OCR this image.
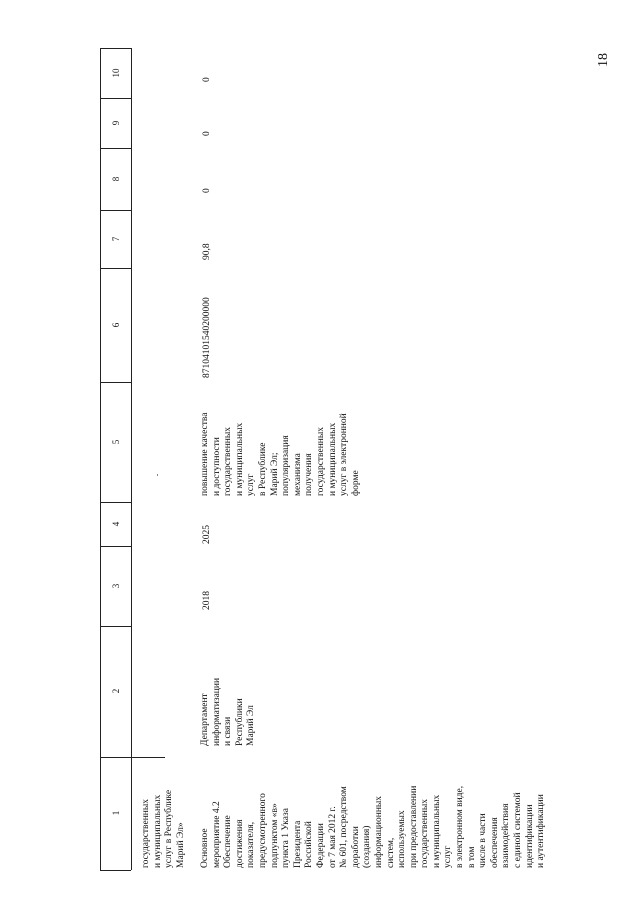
18
10
9
8
7
6
5
4
3
2
1 государственных и муниципальных услуг в Республике Марий Эл» Основное мероприятие 4.2 Обеспечение достижения показателя, предусмотренного подпунктом «в» пункта 1 Указа Президента Российской Федерации от 7 мая 2012 г. № 601, посредством доработки (создания) информационных систем, используемых при предоставлении государственных и муниципальных услуг в электронном виде, в том числе в части обеспечения взаимодействия с единой системой идентификации и аутентификации
Департамент информатизации и связи Республики Марий Эл
2018
2025
повышение качества и доступности государственных и муниципальных услуг в Республике Марий Эл; популяризация механизма получения государственных и муниципальных услуг в электронной форме
87104101540200000
90,8
0
0
0
